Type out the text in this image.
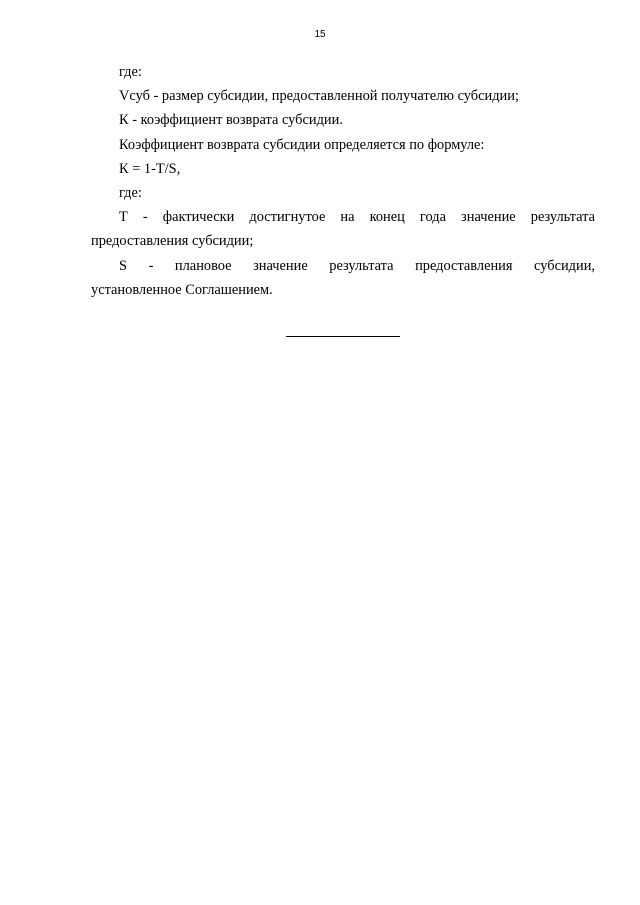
15

где:

Vсуб - размер субсидии, предоставленной получателю субсидии;

К - коэффициент возврата субсидии.

Коэффициент возврата субсидии определяется по формуле:

К = 1-Т/S,

где:

Т - фактически достигнутое на конец года значение результата
предоставления субсидии;
S - плановое значение результата предоставления субсидии,
установленное Соглашением.
